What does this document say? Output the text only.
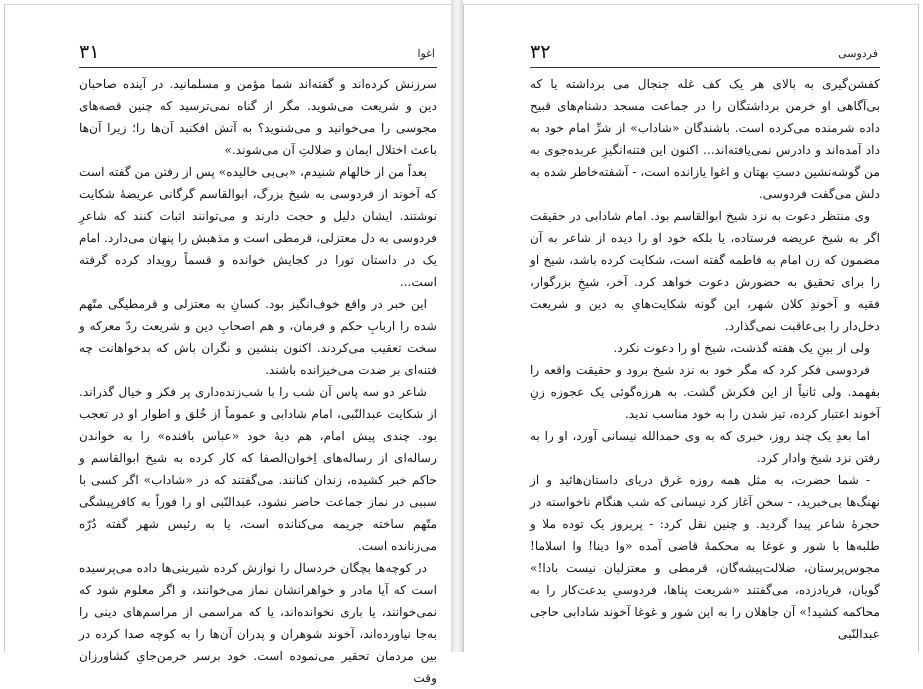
۳۱	اغوا

سرزنش کرده‌اند و گفته‌اند شما مؤمن و مسلمانید. در آینده صاحبان دین و شریعت می‌شوید. مگر از گناه نمی‌ترسید که چنین قصه‌های مجوسی را می‌خوانید و می‌شنوید؟ به آتش افکنید آن‌ها را؛ زیرا آن‌ها باعث اختلال ایمان و ضلالتِ آن می‌شوند.»

بعداً من از خالهام شنیدم، «بی‌بی خالیده» پس از رفتن من گفته است که آخوند از فردوسی به شیخ بزرگ، ابوالقاسم گرگانی عریضهٔ شکایت نوشتند. ایشان دلیل و حجت دارند و می‌توانند اثبات کنند که شاعرِ فردوسی به دل معتزلی، قرمطی است و مذهبش را پنهان می‌دارد. امام یک در داستان تورا در کجایش خوانده و قسماً رویداد کرده گرفته است...

این خبر در واقع خوف‌انگیز بود. کسانِ به معتزلی و قرمطیگی متّهم شده را اربابِ حکم و فرمان، و هم اصحابِ دین و شریعت ردّ معرکه و سخت تعقیب می‌کردند. اکنون بنشین و نگران باش که بدخواهانت چه فتنه‌ای بر ضدت می‌خیزانده باشند.

شاعر دو سه پاس آن شب را با شب‌زنده‌داری پر فکر و خیال گذراند. از شکایت عبدالنّبی، امام شادابی و عموماً از خُلق و اطوار او در تعجب بود. چندی پیش امام، هم دیهٔ خود «عباس بافنده» را به خواندن رساله‌ای از رساله‌های اِخوان‌الصفا که کار کرده به شیخ ابوالقاسم و حاکم خبر کشیده، زندان کنانند. می‌گفتند که در «شاداب» اگر کسی با سببی در نماز جماعت حاضر نشود، عبدالنّبی او را فوراً به کافرپیشگی متّهم ساخته جریمه می‌کنانده است، یا به رئیس شهر گفته دُرّه می‌زنانده است.

در کوچه‌ها بچگان خردسال را نوازش کرده شیرینی‌ها داده می‌پرسیده است که آیا مادر و خواهرانشان نماز می‌خوانند، و اگر معلوم شود که نمی‌خوانند، یا باری نخوانده‌اند، یا که مراسمی از مراسم‌های دینی را به‌جا نیاورده‌اند، آخوند شوهران و پدران آن‌ها را به کوچه صدا کرده در بین مردمان تحقیر می‌نموده است. خود برسر خرمن‌جایِ کشاورزان وقت

۳۲	فردوسی

کفشن‌گیری به بالای هر یک کف غله جنجال می برداشته یا که بی‌آگاهی او خرمن برداشتگان را در جماعت مسجد دشنام‌های قبیح داده شرمنده می‌کرده است. باشندگان «شاداب» از شرِّ امام خود به داد آمده‌اند و دادرس نمی‌یافته‌اند... اکنون این فتنه‌انگیزِ عربده‌جوی به من گوشه‌نشین دستِ بهتان و اغوا یازانده است، - آشفته‌خاطر شده به دلش می‌گفت فردوسی.

وی منتظر دعوت به نزد شیخ ابوالقاسم بود. امام شادابی در حقیقت اگر به شیخ عریضه فرستاده، یا بلکه خود او را دیده از شاعر به آن مضمون که زن امام به فاطمه گفته است، شکایت کرده باشد، شیخ او را برای تحقیق به حضورش دعوت خواهد کرد. آخر، شیخِ بزرگوار، فقیه و آخوندِ کلان شهر، این گونه شکایت‌هایِ به دین و شریعت دخل‌دار را بی‌عاقبت نمی‌گذارد.

ولی از بینِ یک هفته گذشت، شیخ او را دعوت نکرد.

فردوسی فکر کرد که مگر خود به نزد شیخ برود و حقیقت واقعه را بفهمد. ولی ثانیاً از این فکرش گشت. به هرزه‌گوئی یک عجوزه زنِ آخوند اعتبار کرده، تیز شدن را به خود مناسب ندید.

اما بعدِ یک چند روز، خبری که به وی حمدالله نیسانی آورد، او را به رفتن نزد شیخ وادار کرد.

- شما حضرت، به مثل همه روزه غرق دریای داستان‌هائید و از نهنگ‌ها بی‌خبرید، - سخن آغاز کرد نیسانی که شب هنگام ناخواسته در حجرهٔ شاعر پیدا گردید. و چنین نقل کرد: - پریروز یک توده ملا و طلبه‌ها با شور و غوغا به محکمهٔ قاضی آمده «وا دینا! وا اسلاما! مجوس‌پرستان، ضلالت‌پیشه‌گان، قرمطی و معتزلیان نیست بادا!» گویان، فریادزده، می‌گفتند «شریعت پناها، فردوسیِ بدعت‌کار را به محاکمه کشید!» آن جاهلان را به این شور و غوغا آخوند شادابی حاجی عبدالنّبی
